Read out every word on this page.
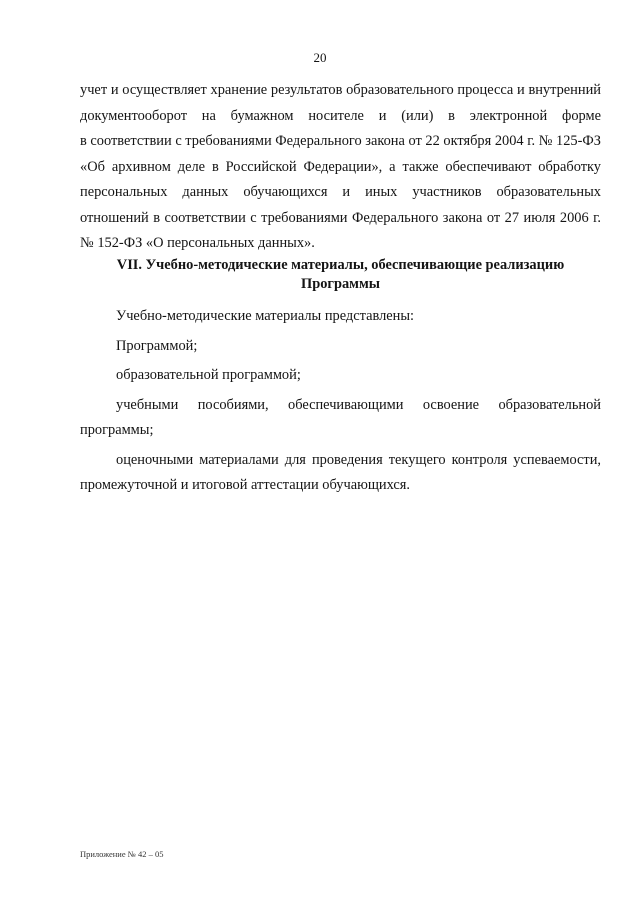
20
учет и осуществляет хранение результатов образовательного процесса и внутренний
документооборот на бумажном носителе и (или) в электронной форме
в соответствии с требованиями Федерального закона от 22 октября 2004 г. № 125-ФЗ
«Об архивном деле в Российской Федерации», а также обеспечивают обработку
персональных данных обучающихся и иных участников образовательных
отношений в соответствии с требованиями Федерального закона от 27 июля 2006 г.
№ 152-ФЗ «О персональных данных».
VII. Учебно-методические материалы, обеспечивающие реализацию
Программы
Учебно-методические материалы представлены:
Программой;
образовательной программой;
учебными пособиями, обеспечивающими освоение образовательной
программы;
оценочными материалами для проведения текущего контроля успеваемости,
промежуточной и итоговой аттестации обучающихся.
Приложение № 42 – 05
